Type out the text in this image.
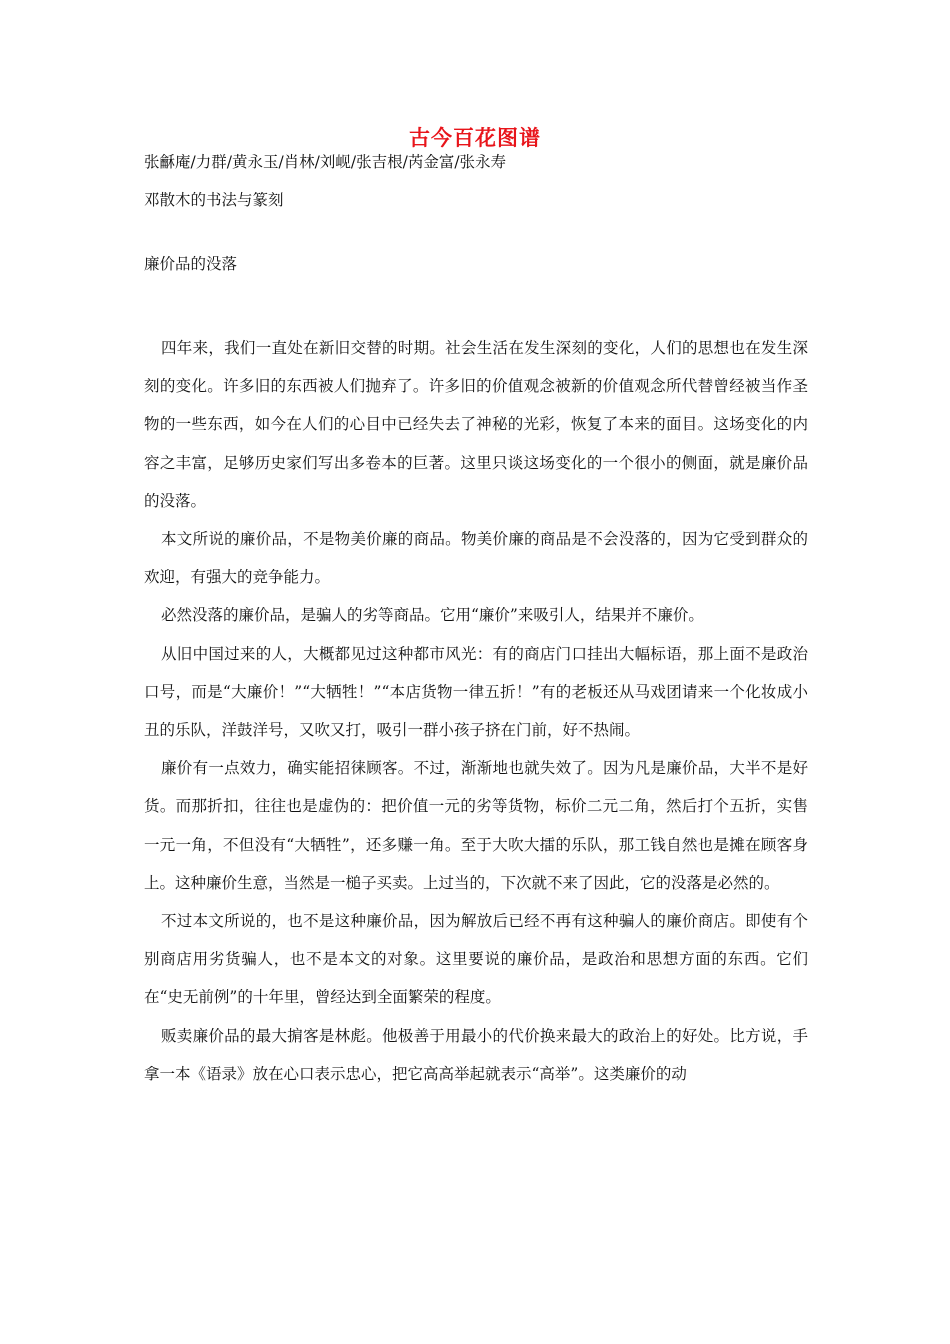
古今百花图谱
张龢庵/力群/黄永玉/肖林/刘岘/张吉根/芮金富/张永寿
邓散木的书法与篆刻
廉价品的没落

四年来，我们一直处在新旧交替的时期。社会生活在发生深刻的变化，人们的思想也在发生深刻的变化。许多旧的东西被人们抛弃了。许多旧的价值观念被新的价值观念所代替曾经被当作圣物的一些东西，如今在人们的心目中已经失去了神秘的光彩，恢复了本来的面目。这场变化的内容之丰富，足够历史家们写出多卷本的巨著。这里只谈这场变化的一个很小的侧面，就是廉价品的没落。

本文所说的廉价品，不是物美价廉的商品。物美价廉的商品是不会没落的，因为它受到群众的欢迎，有强大的竞争能力。

必然没落的廉价品，是骗人的劣等商品。它用“廉价”来吸引人，结果并不廉价。

从旧中国过来的人，大概都见过这种都市风光：有的商店门口挂出大幅标语，那上面不是政治口号，而是“大廉价！”“大牺牲！”“本店货物一律五折！”有的老板还从马戏团请来一个化妆成小丑的乐队，洋鼓洋号，又吹又打，吸引一群小孩子挤在门前，好不热闹。

廉价有一点效力，确实能招徕顾客。不过，渐渐地也就失效了。因为凡是廉价品，大半不是好货。而那折扣，往往也是虚伪的：把价值一元的劣等货物，标价二元二角，然后打个五折，实售一元一角，不但没有“大牺牲”，还多赚一角。至于大吹大擂的乐队，那工钱自然也是摊在顾客身上。这种廉价生意，当然是一槌子买卖。上过当的，下次就不来了因此，它的没落是必然的。

不过本文所说的，也不是这种廉价品，因为解放后已经不再有这种骗人的廉价商店。即使有个别商店用劣货骗人，也不是本文的对象。这里要说的廉价品，是政治和思想方面的东西。它们在“史无前例”的十年里，曾经达到全面繁荣的程度。

贩卖廉价品的最大掮客是林彪。他极善于用最小的代价换来最大的政治上的好处。比方说，手拿一本《语录》放在心口表示忠心，把它高高举起就表示“高举”。这类廉价的动
